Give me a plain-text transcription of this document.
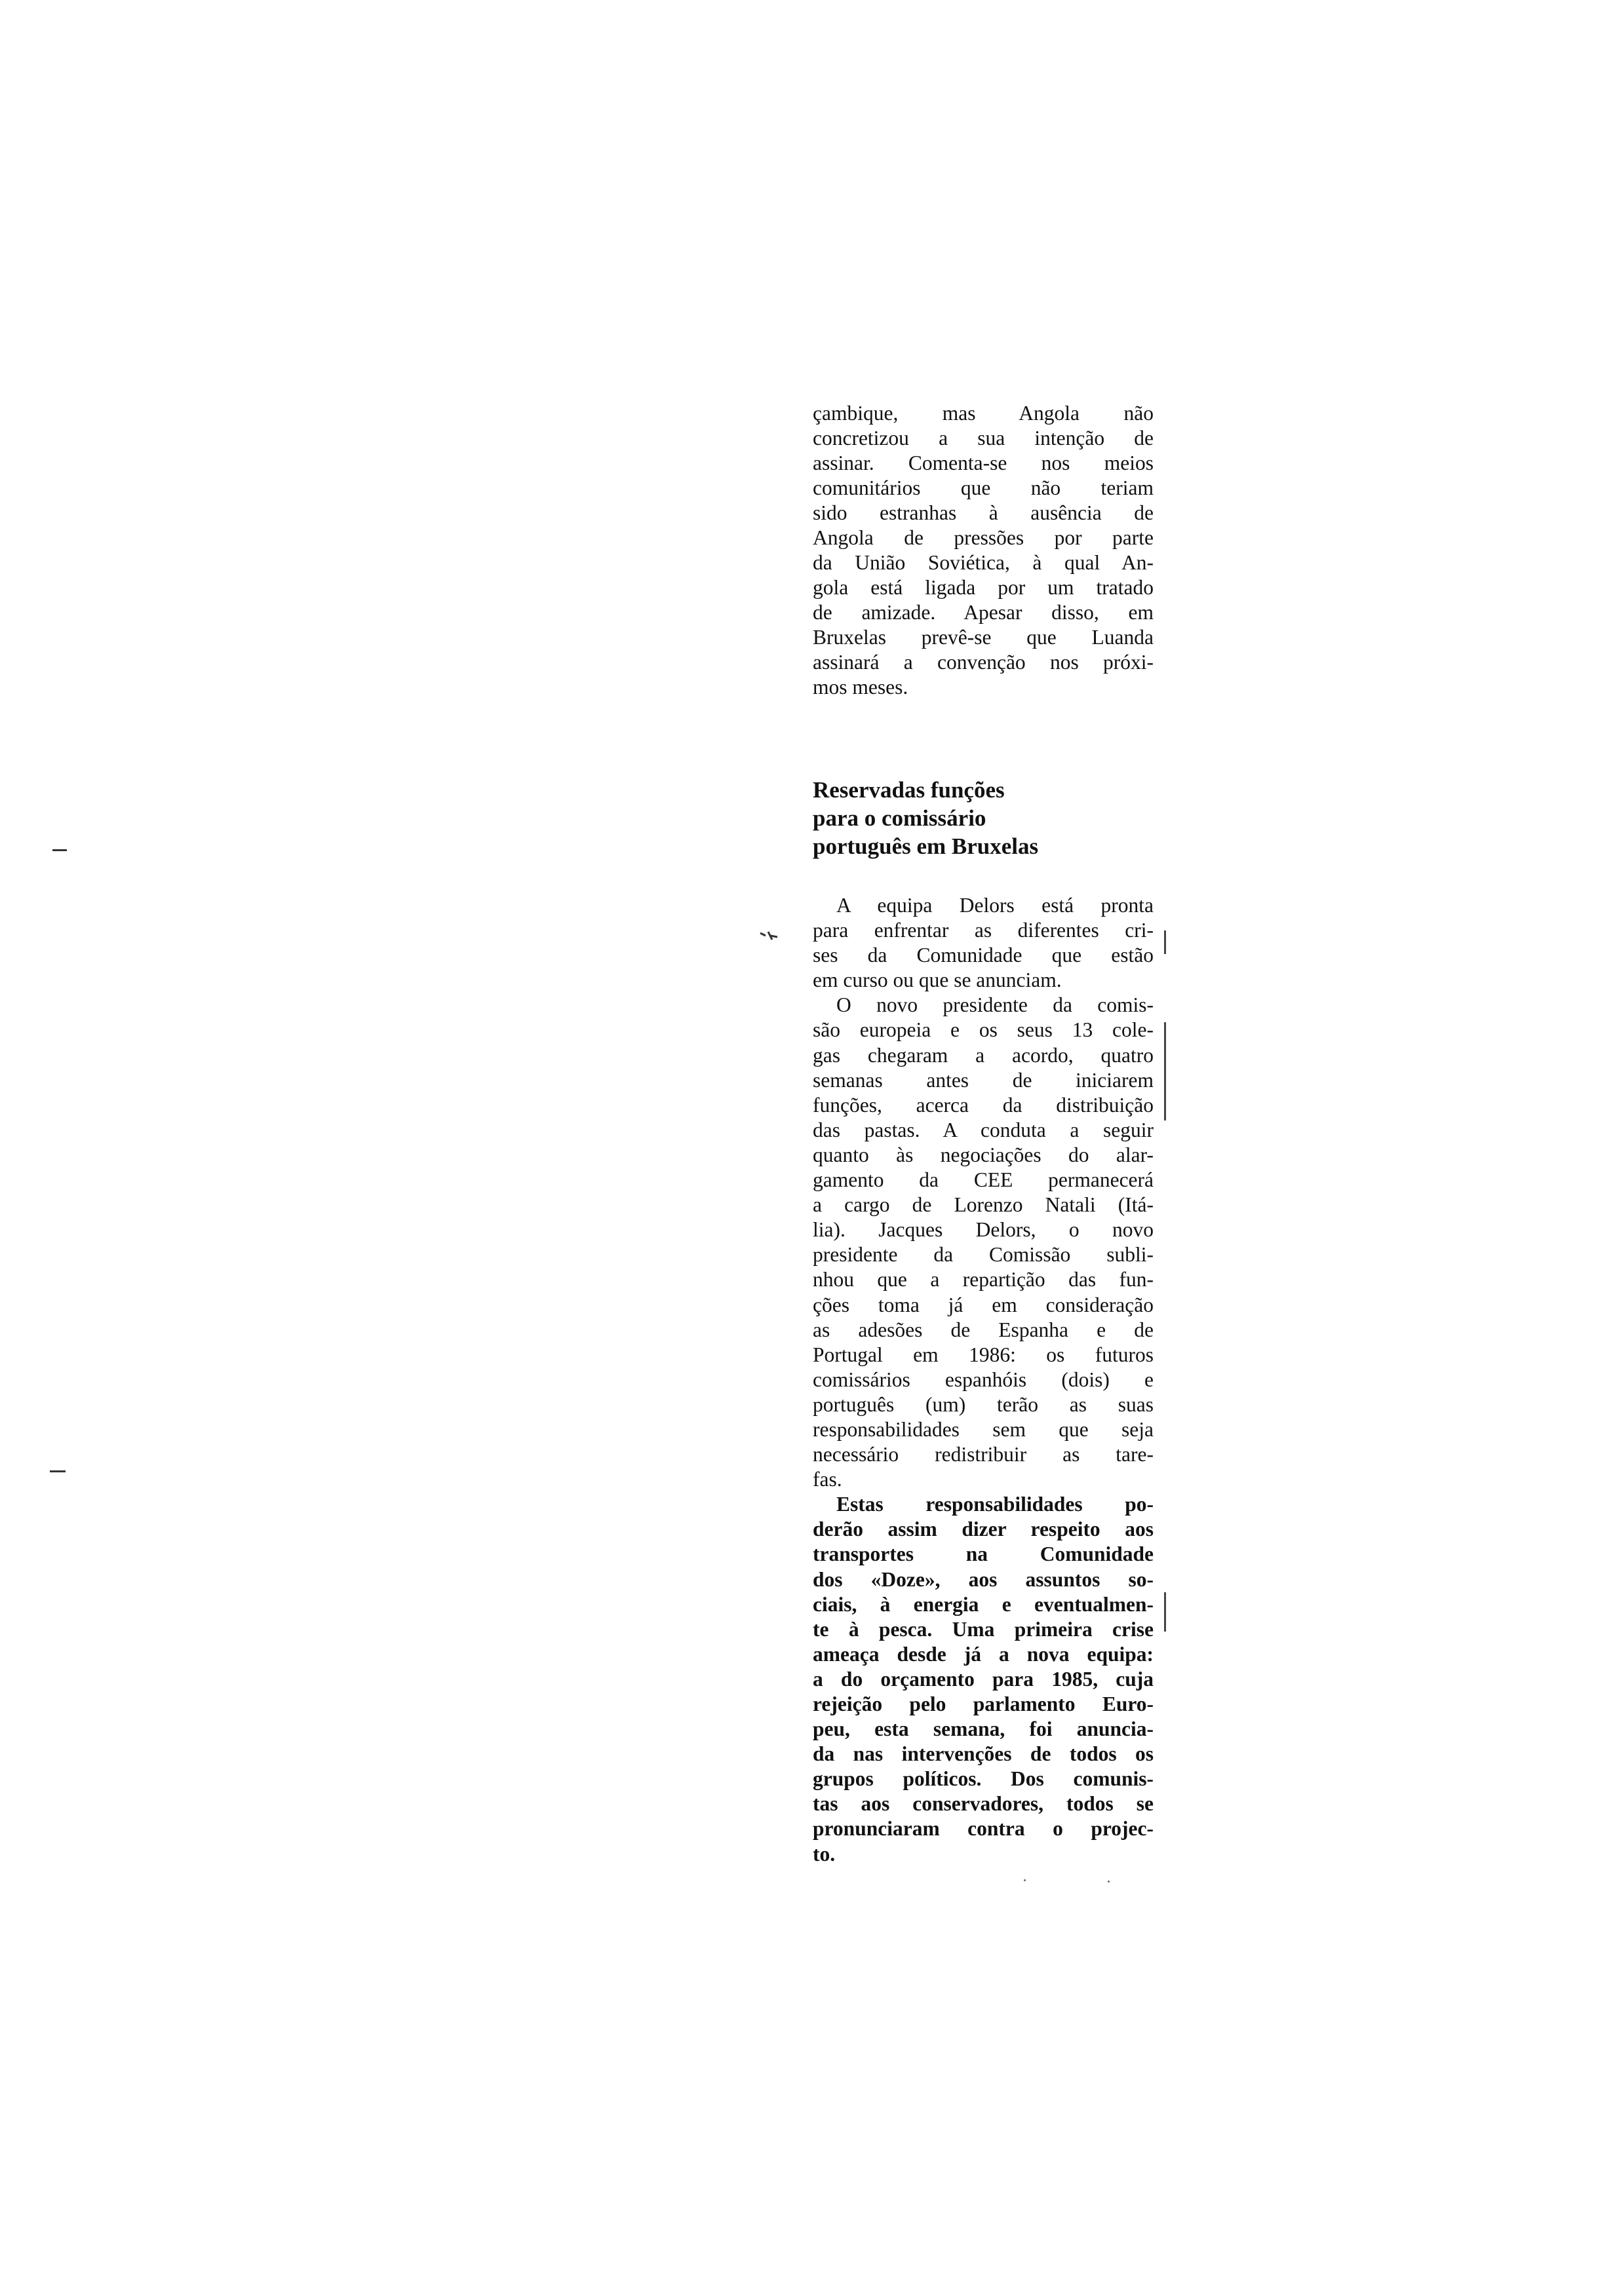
çambique, mas Angola não

concretizou a sua intenção de

assinar. Comenta-se nos meios

comunitários que não teriam

sido estranhas à ausência de

Angola de pressões por parte

da União Soviética, à qual An-

gola está ligada por um tratado

de amizade. Apesar disso, em

Bruxelas prevê-se que Luanda

assinará a convenção nos próxi-

mos meses.

Reservadas funções
para o comissário
português em Bruxelas

A equipa Delors está pronta
para enfrentar as diferentes cri-
ses da Comunidade que estão
em curso ou que se anunciam.

O novo presidente da comis-
são europeia e os seus 13 cole-
gas chegaram a acordo, quatro
semanas antes de iniciarem
funções, acerca da distribuição
das pastas. A conduta a seguir
quanto às negociações do alar-
gamento da CEE permanecerá
a cargo de Lorenzo Natali (Itá-
lia). Jacques Delors, o novo
presidente da Comissão subli-
nhou que a repartição das fun-
ções toma já em consideração
as adesões de Espanha e de
Portugal em 1986: os futuros
comissários espanhóis (dois) e
português (um) terão as suas
responsabilidades sem que seja
necessário redistribuir as tare-
fas.

Estas responsabilidades po-
derão assim dizer respeito aos
transportes na Comunidade
dos «Doze», aos assuntos so-
ciais, à energia e eventualmen-
te à pesca. Uma primeira crise
ameaça desde já a nova equipa:
a do orçamento para 1985, cuja
rejeição pelo parlamento Euro-
peu, esta semana, foi anuncia-
da nas intervenções de todos os
grupos políticos. Dos comunis-
tas aos conservadores, todos se
pronunciaram contra o projec-
to.
